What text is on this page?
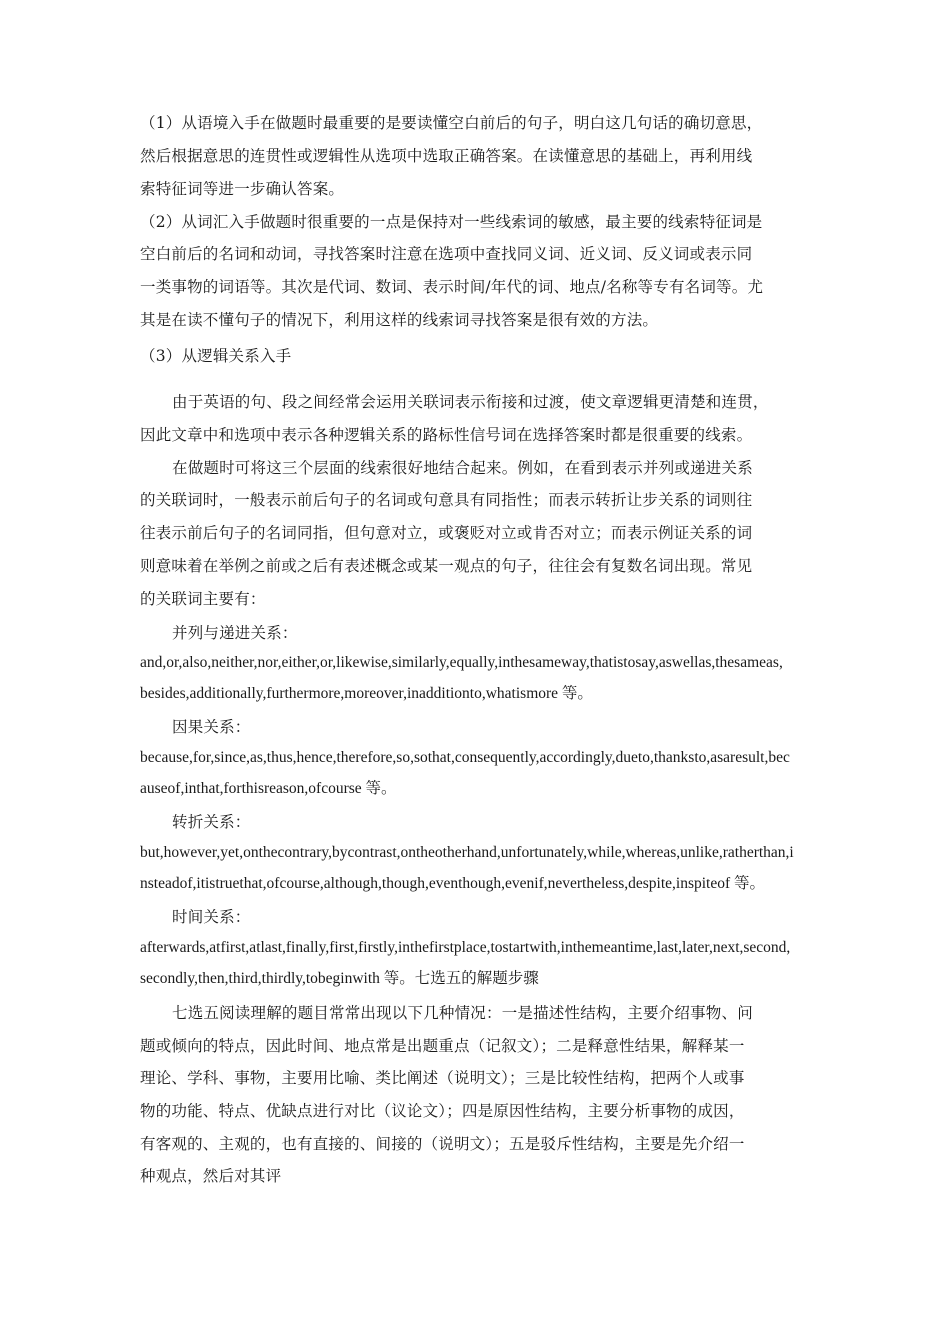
（1）从语境入手在做题时最重要的是要读懂空白前后的句子，明白这几句话的确切意思，
然后根据意思的连贯性或逻辑性从选项中选取正确答案。在读懂意思的基础上，再利用线
索特征词等进一步确认答案。
（2）从词汇入手做题时很重要的一点是保持对一些线索词的敏感，最主要的线索特征词是
空白前后的名词和动词，寻找答案时注意在选项中查找同义词、近义词、反义词或表示同
一类事物的词语等。其次是代词、数词、表示时间/年代的词、地点/名称等专有名词等。尤
其是在读不懂句子的情况下，利用这样的线索词寻找答案是很有效的方法。
（3）从逻辑关系入手
由于英语的句、段之间经常会运用关联词表示衔接和过渡，使文章逻辑更清楚和连贯，
因此文章中和选项中表示各种逻辑关系的路标性信号词在选择答案时都是很重要的线索。
在做题时可将这三个层面的线索很好地结合起来。例如，在看到表示并列或递进关系
的关联词时，一般表示前后句子的名词或句意具有同指性；而表示转折让步关系的词则往
往表示前后句子的名词同指，但句意对立，或褒贬对立或肯否对立；而表示例证关系的词
则意味着在举例之前或之后有表述概念或某一观点的句子，往往会有复数名词出现。常见
的关联词主要有：
并列与递进关系：
and,or,also,neither,nor,either,or,likewise,similarly,equally,inthesameway,thatistosay,aswellas,thesameas,
besides,additionally,furthermore,moreover,inadditionto,whatismore 等。
因果关系：
because,for,since,as,thus,hence,therefore,so,sothat,consequently,accordingly,dueto,thanksto,asaresult,bec
auseof,inthat,forthisreason,ofcourse 等。
转折关系：
but,however,yet,onthecontrary,bycontrast,ontheotherhand,unfortunately,while,whereas,unlike,ratherthan,i
nsteadof,itistruethat,ofcourse,although,though,eventhough,evenif,nevertheless,despite,inspiteof 等。
时间关系：
afterwards,atfirst,atlast,finally,first,firstly,inthefirstplace,tostartwith,inthemeantime,last,later,next,second,
secondly,then,third,thirdly,tobeginwith 等。七选五的解题步骤
七选五阅读理解的题目常常出现以下几种情况：一是描述性结构，主要介绍事物、问
题或倾向的特点，因此时间、地点常是出题重点（记叙文）；二是释意性结果，解释某一
理论、学科、事物，主要用比喻、类比阐述（说明文）；三是比较性结构，把两个人或事
物的功能、特点、优缺点进行对比（议论文）；四是原因性结构，主要分析事物的成因，
有客观的、主观的，也有直接的、间接的（说明文）；五是驳斥性结构，主要是先介绍一
种观点，然后对其评
